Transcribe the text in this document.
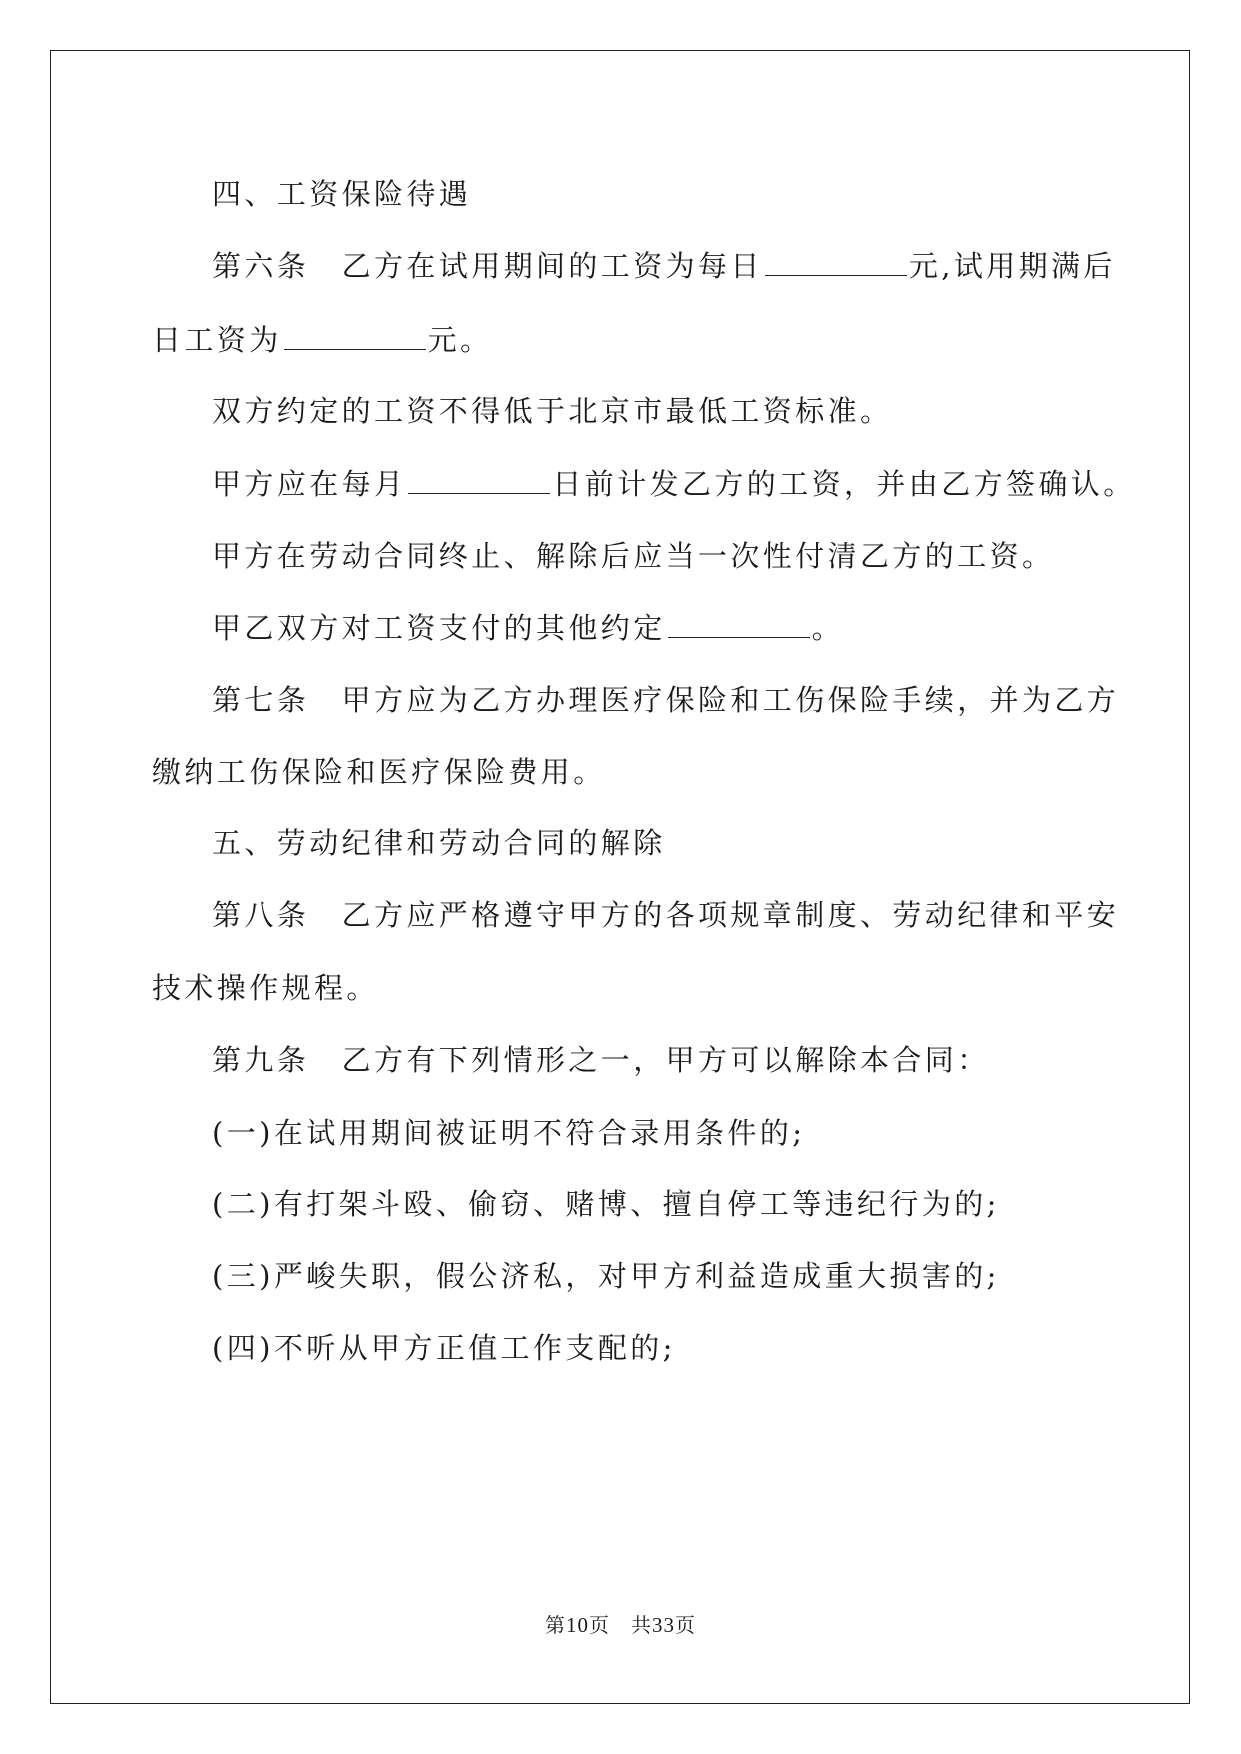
四、工资保险待遇
第六条　乙方在试用期间的工资为每日	元,试用期满后
日工资为	元。
双方约定的工资不得低于北京市最低工资标准。
甲方应在每月	日前计发乙方的工资，并由乙方签确认。
甲方在劳动合同终止、解除后应当一次性付清乙方的工资。
甲乙双方对工资支付的其他约定	。
第七条　甲方应为乙方办理医疗保险和工伤保险手续，并为乙方
缴纳工伤保险和医疗保险费用。
五、劳动纪律和劳动合同的解除
第八条　乙方应严格遵守甲方的各项规章制度、劳动纪律和平安
技术操作规程。
第九条　乙方有下列情形之一，甲方可以解除本合同：
(一)在试用期间被证明不符合录用条件的;
(二)有打架斗殴、偷窃、赌博、擅自停工等违纪行为的;
(三)严峻失职，假公济私，对甲方利益造成重大损害的;
(四)不听从甲方正值工作支配的;
第10页　共33页
